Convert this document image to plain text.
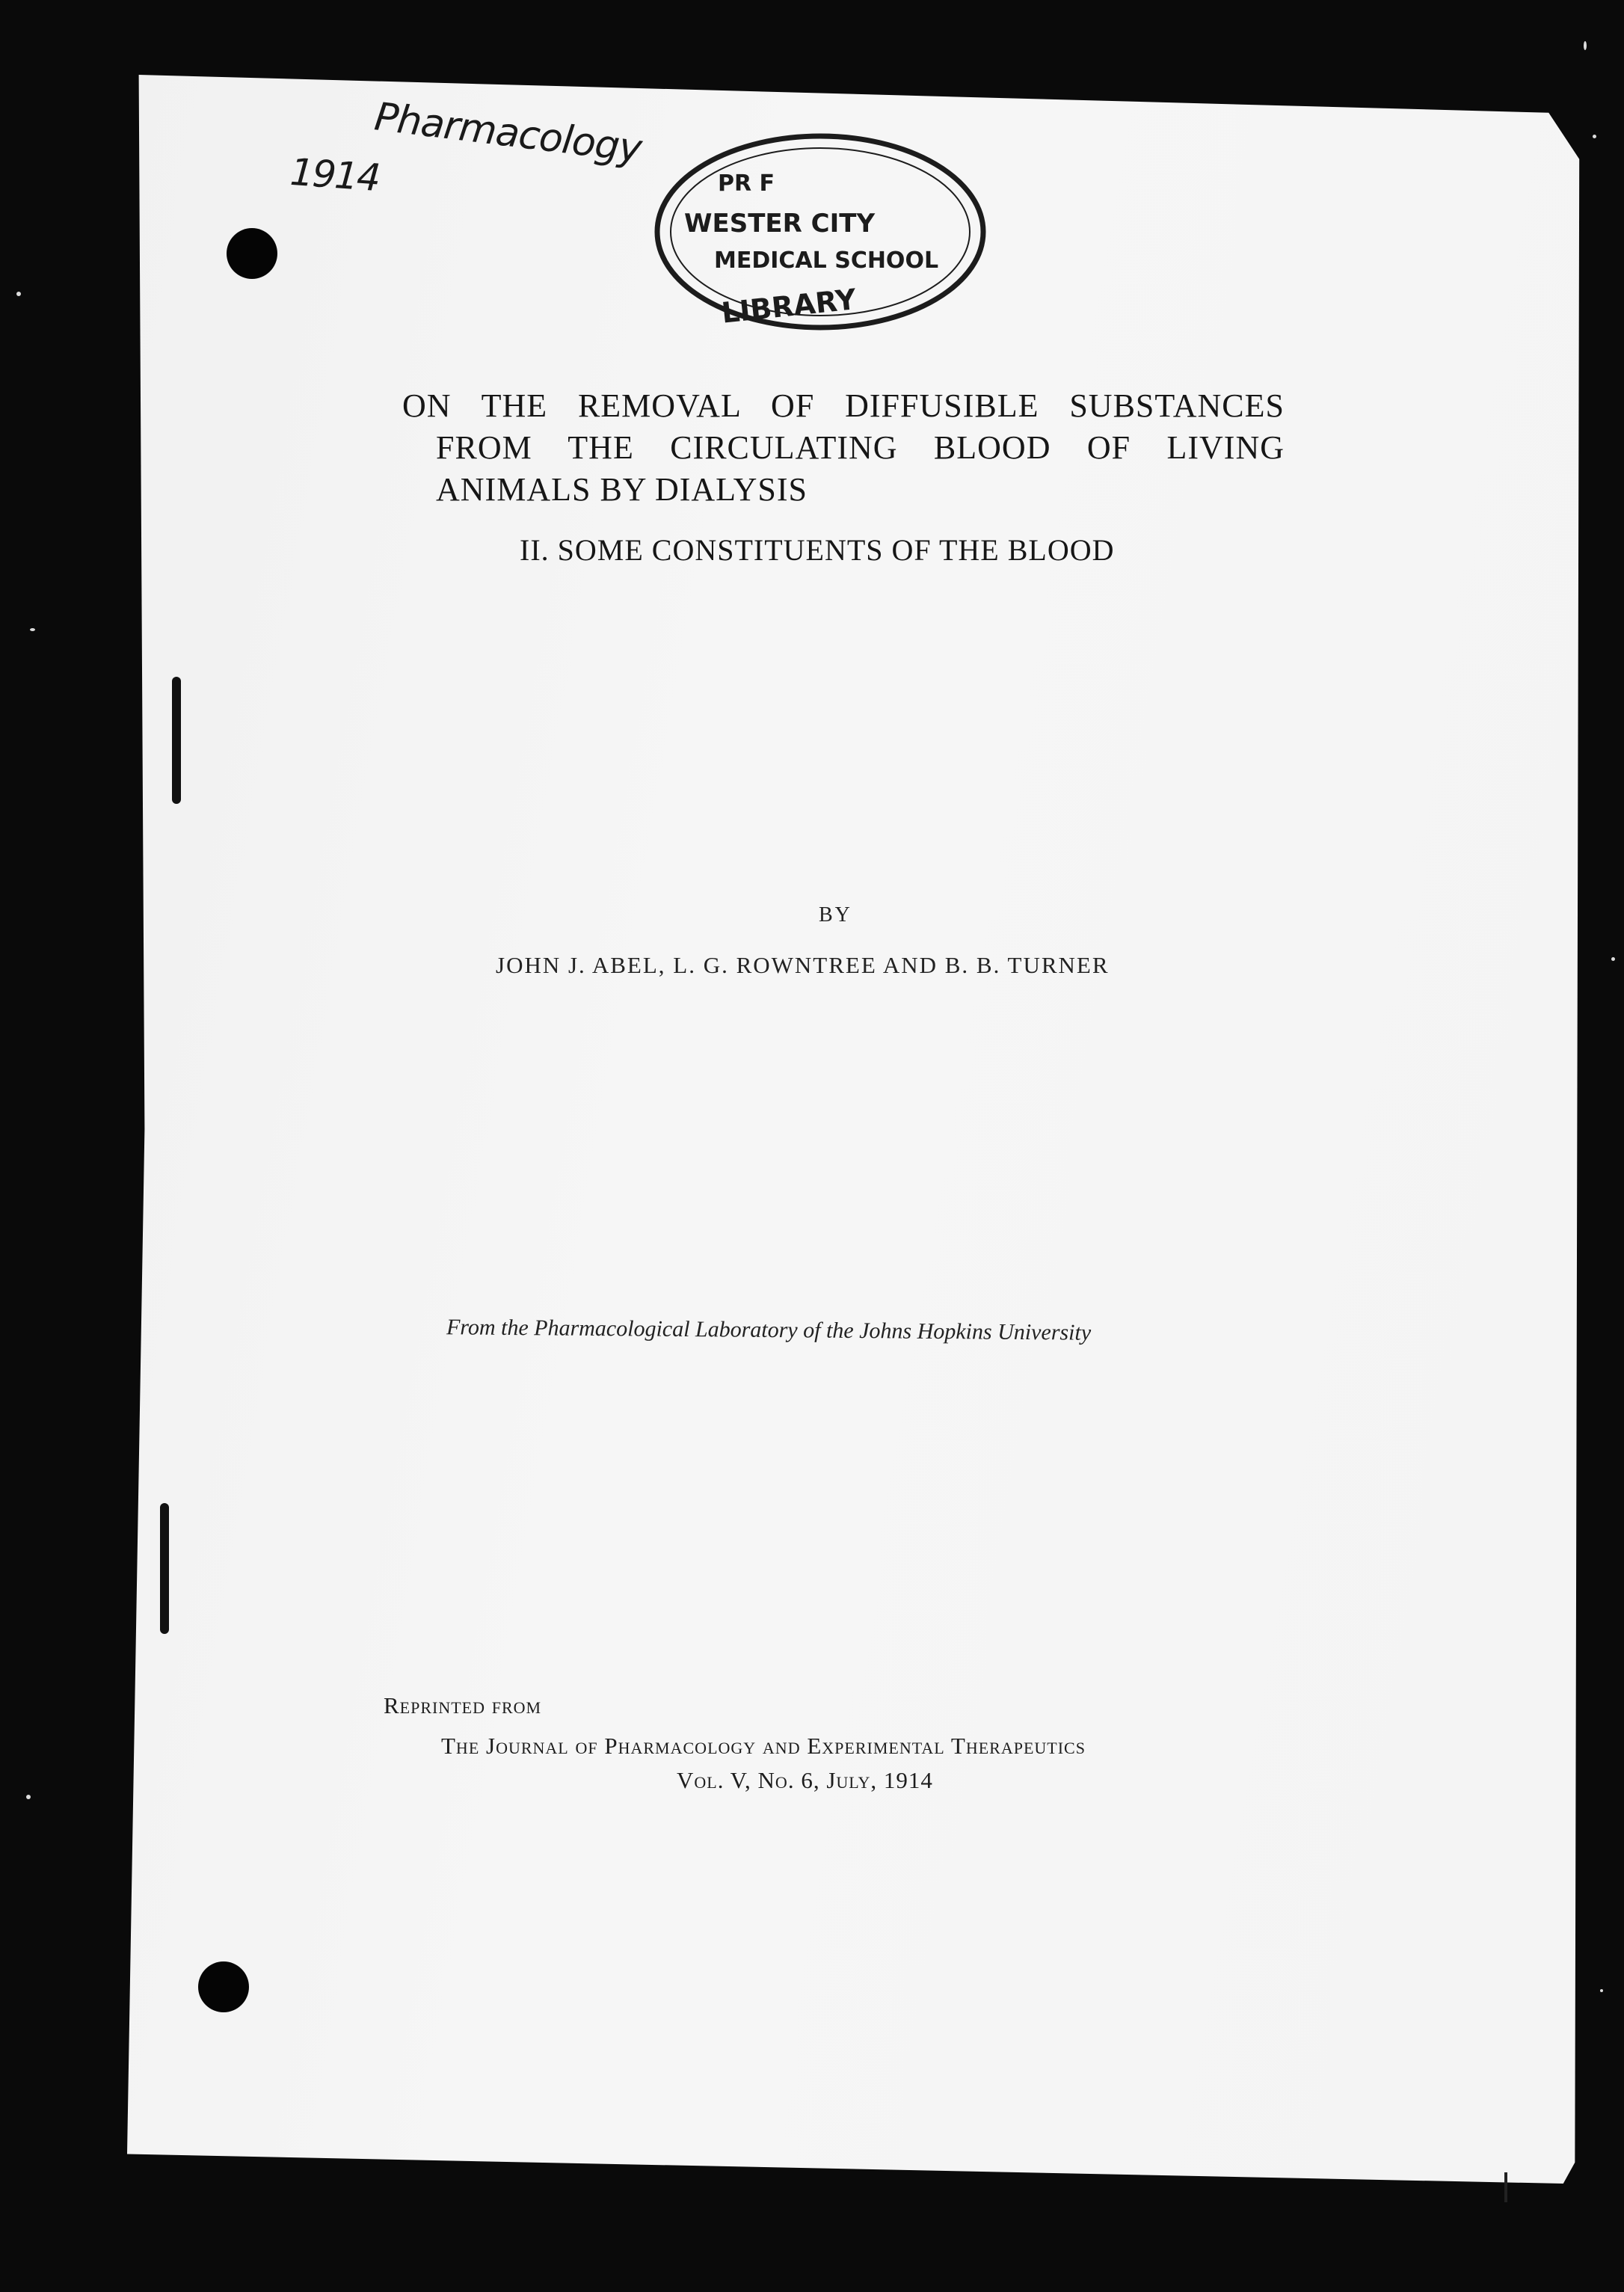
1914
Pharmacology
PR F
WESTER CITY
MEDICAL SCHOOL
LIBRARY
ON THE REMOVAL OF DIFFUSIBLE SUBSTANCES
FROM THE CIRCULATING BLOOD OF LIVING
ANIMALS BY DIALYSIS
II. SOME CONSTITUENTS OF THE BLOOD
BY
JOHN J. ABEL, L. G. ROWNTREE AND B. B. TURNER
From the Pharmacological Laboratory of the Johns Hopkins University
Reprinted from
The Journal of Pharmacology and Experimental Therapeutics
Vol. V, No. 6, July, 1914
